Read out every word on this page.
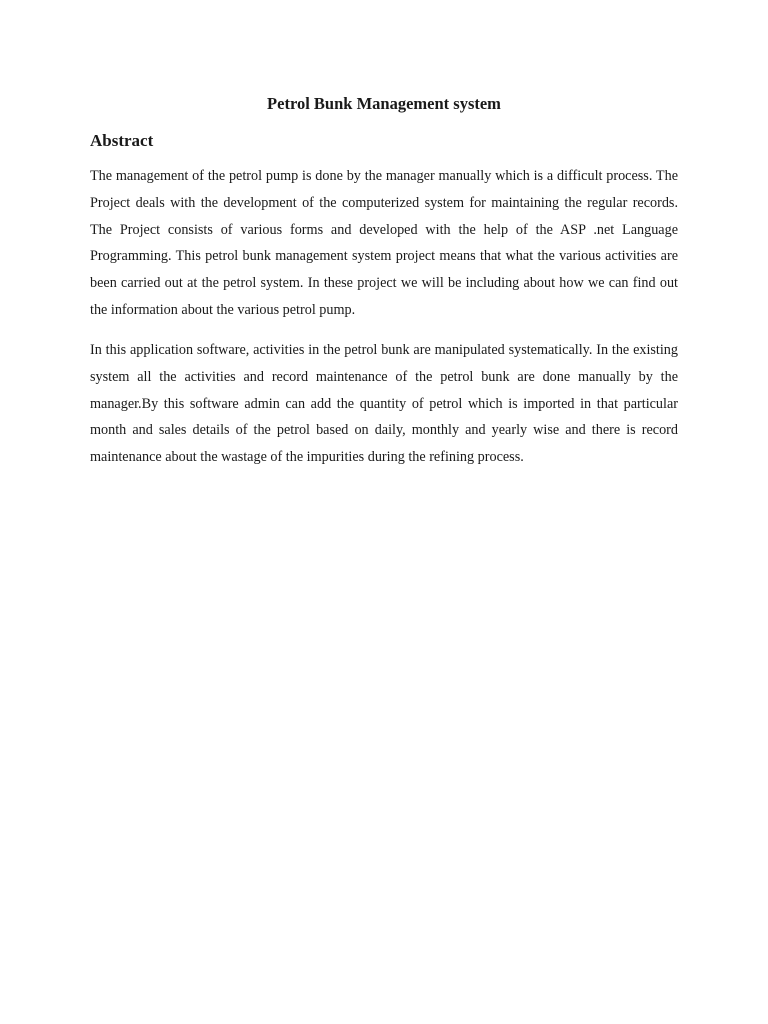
Petrol Bunk Management system
Abstract

The management of the petrol pump is done by the manager manually which is a difficult process. The Project deals with the development of the computerized system for maintaining the regular records. The Project consists of various forms and developed with the help of the ASP .net Language Programming. This petrol bunk management system project means that what the various activities are been carried out at the petrol system. In these project we will be including about how we can find out the information about the various petrol pump.

In this application software, activities in the petrol bunk are manipulated systematically. In the existing system all the activities and record maintenance of the petrol bunk are done manually by the manager.By this software admin can add the quantity of petrol which is imported in that particular month and sales details of the petrol based on daily, monthly and yearly wise and there is record maintenance about the wastage of the impurities during the refining process.
